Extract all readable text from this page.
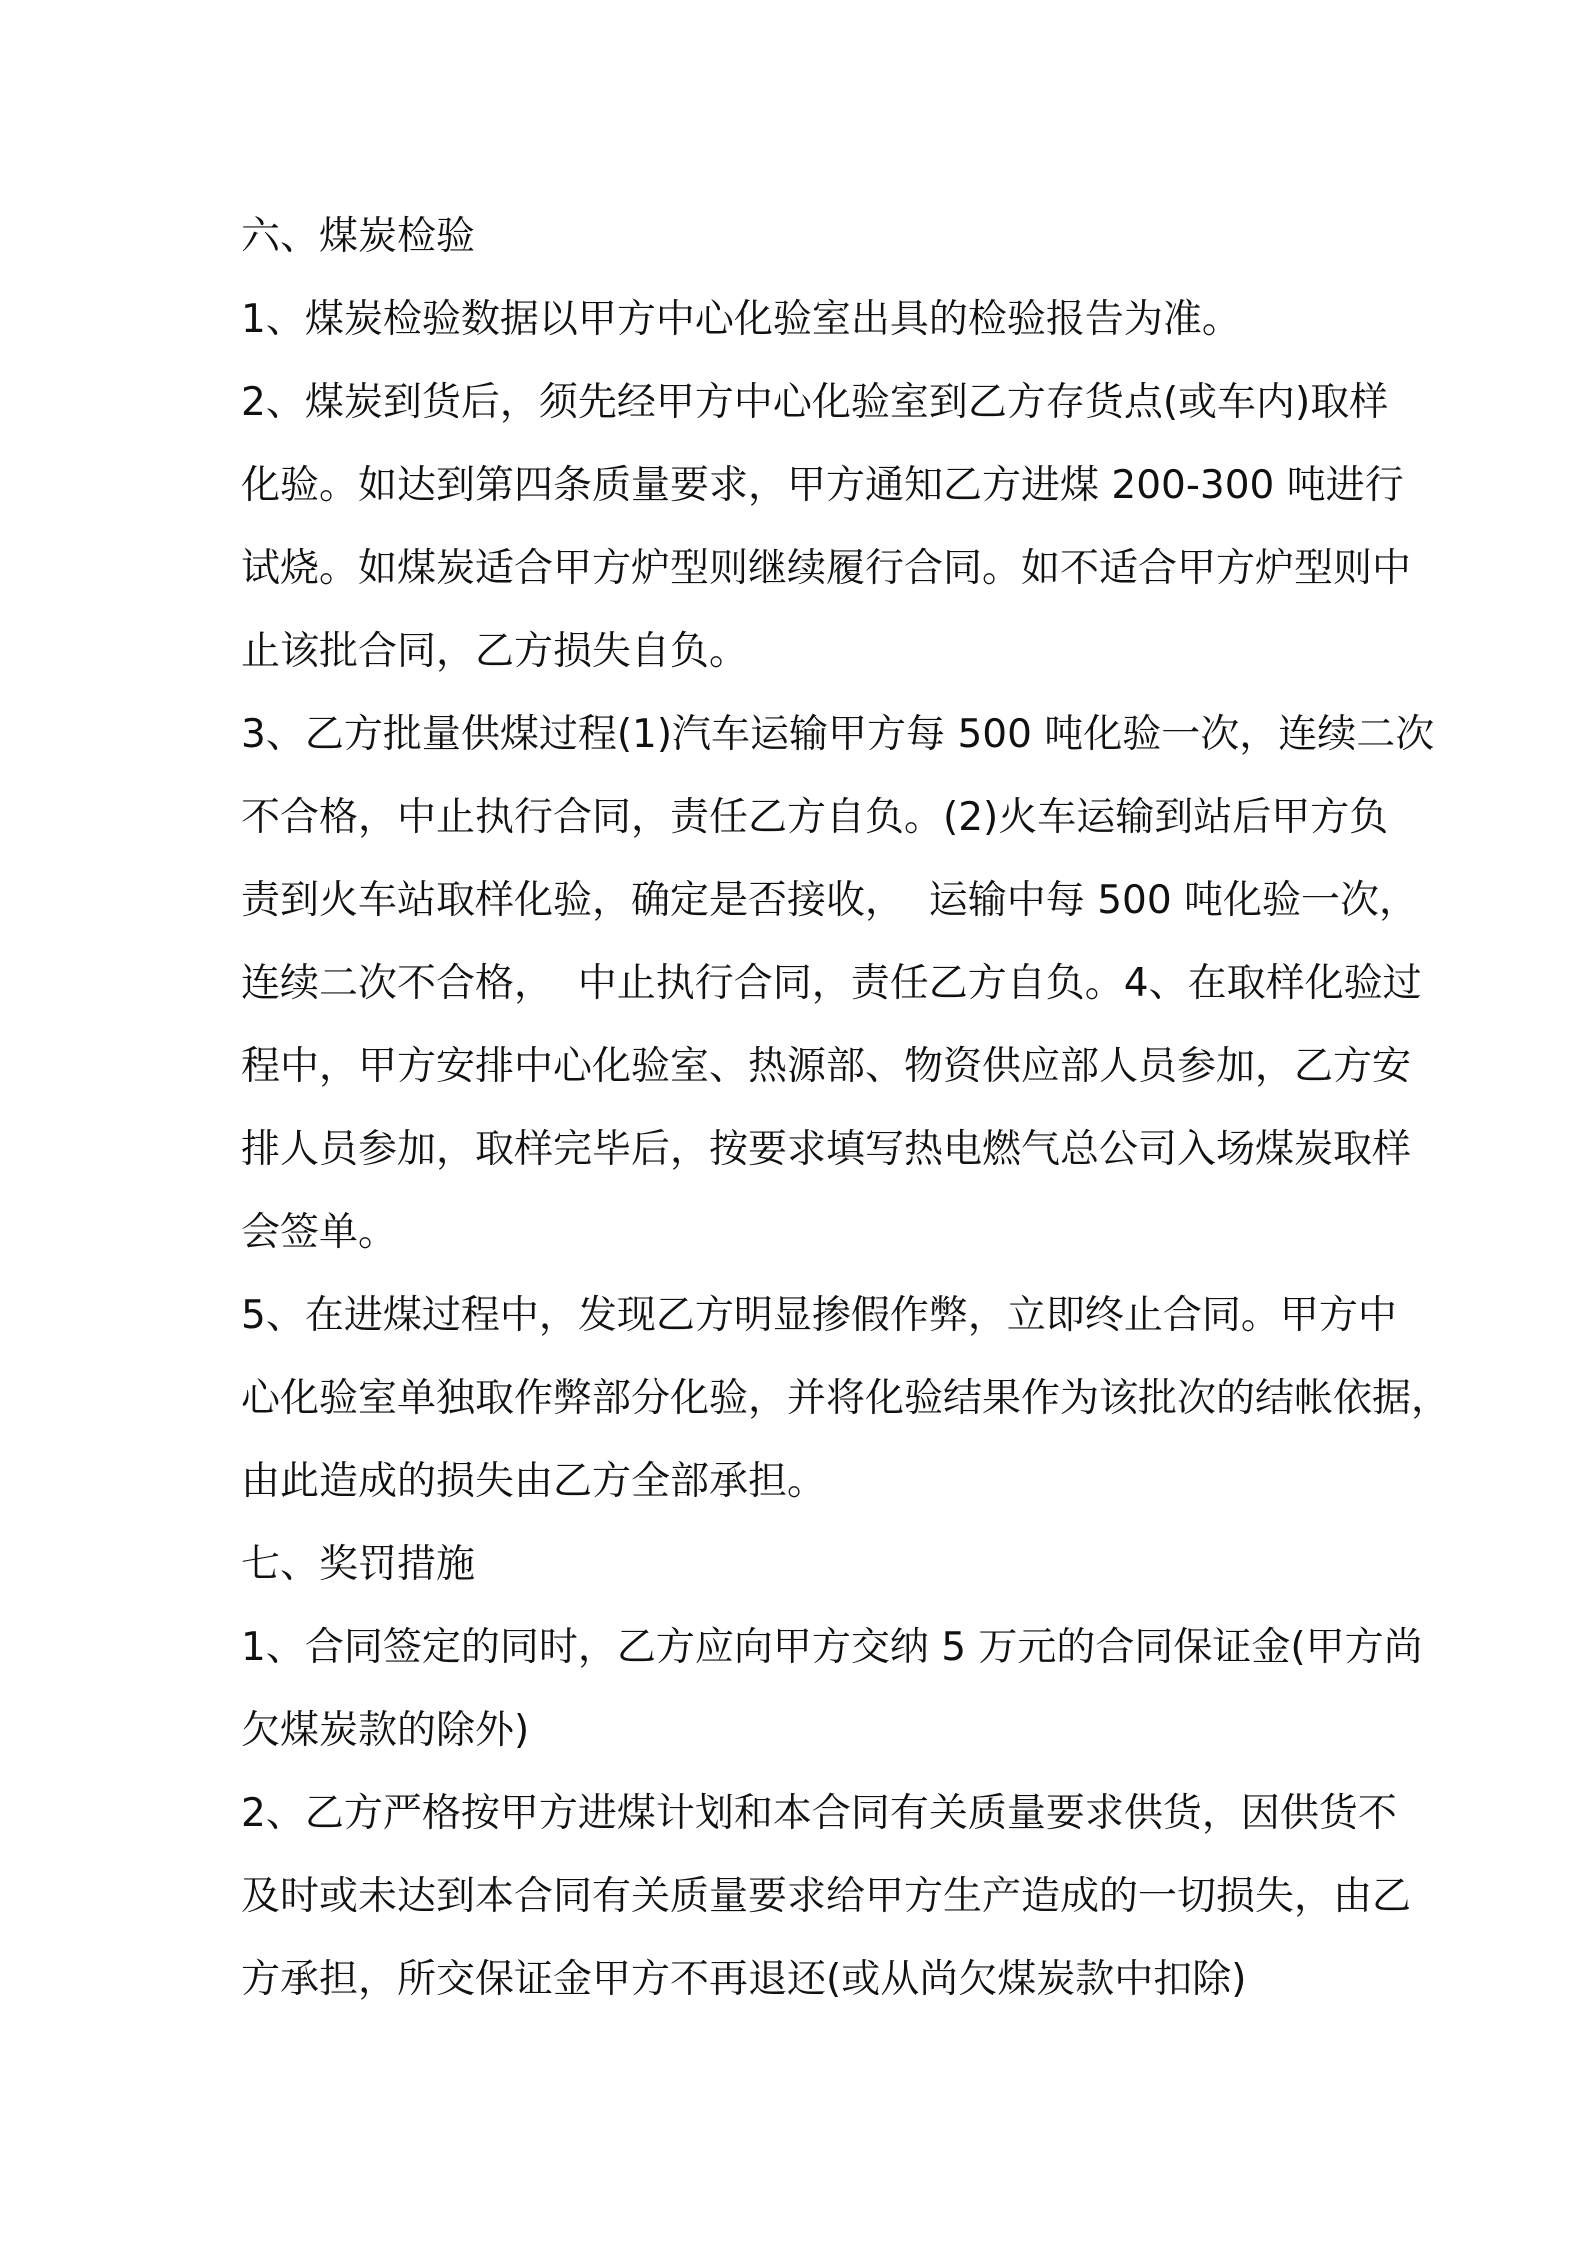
六、煤炭检验
1、煤炭检验数据以甲方中心化验室出具的检验报告为准。
2、煤炭到货后，须先经甲方中心化验室到乙方存货点(或车内)取样
化验。如达到第四条质量要求，甲方通知乙方进煤 200-300 吨进行
试烧。如煤炭适合甲方炉型则继续履行合同。如不适合甲方炉型则中
止该批合同，乙方损失自负。
3、乙方批量供煤过程(1)汽车运输甲方每 500 吨化验一次，连续二次
不合格，中止执行合同，责任乙方自负。(2)火车运输到站后甲方负
责到火车站取样化验，确定是否接收，  运输中每 500 吨化验一次，
连续二次不合格，  中止执行合同，责任乙方自负。4、在取样化验过
程中，甲方安排中心化验室、热源部、物资供应部人员参加，乙方安
排人员参加，取样完毕后，按要求填写热电燃气总公司入场煤炭取样
会签单。
5、在进煤过程中，发现乙方明显掺假作弊，立即终止合同。甲方中
心化验室单独取作弊部分化验，并将化验结果作为该批次的结帐依据，
由此造成的损失由乙方全部承担。
七、奖罚措施
1、合同签定的同时，乙方应向甲方交纳 5 万元的合同保证金(甲方尚
欠煤炭款的除外)
2、乙方严格按甲方进煤计划和本合同有关质量要求供货，因供货不
及时或未达到本合同有关质量要求给甲方生产造成的一切损失，由乙
方承担，所交保证金甲方不再退还(或从尚欠煤炭款中扣除)
